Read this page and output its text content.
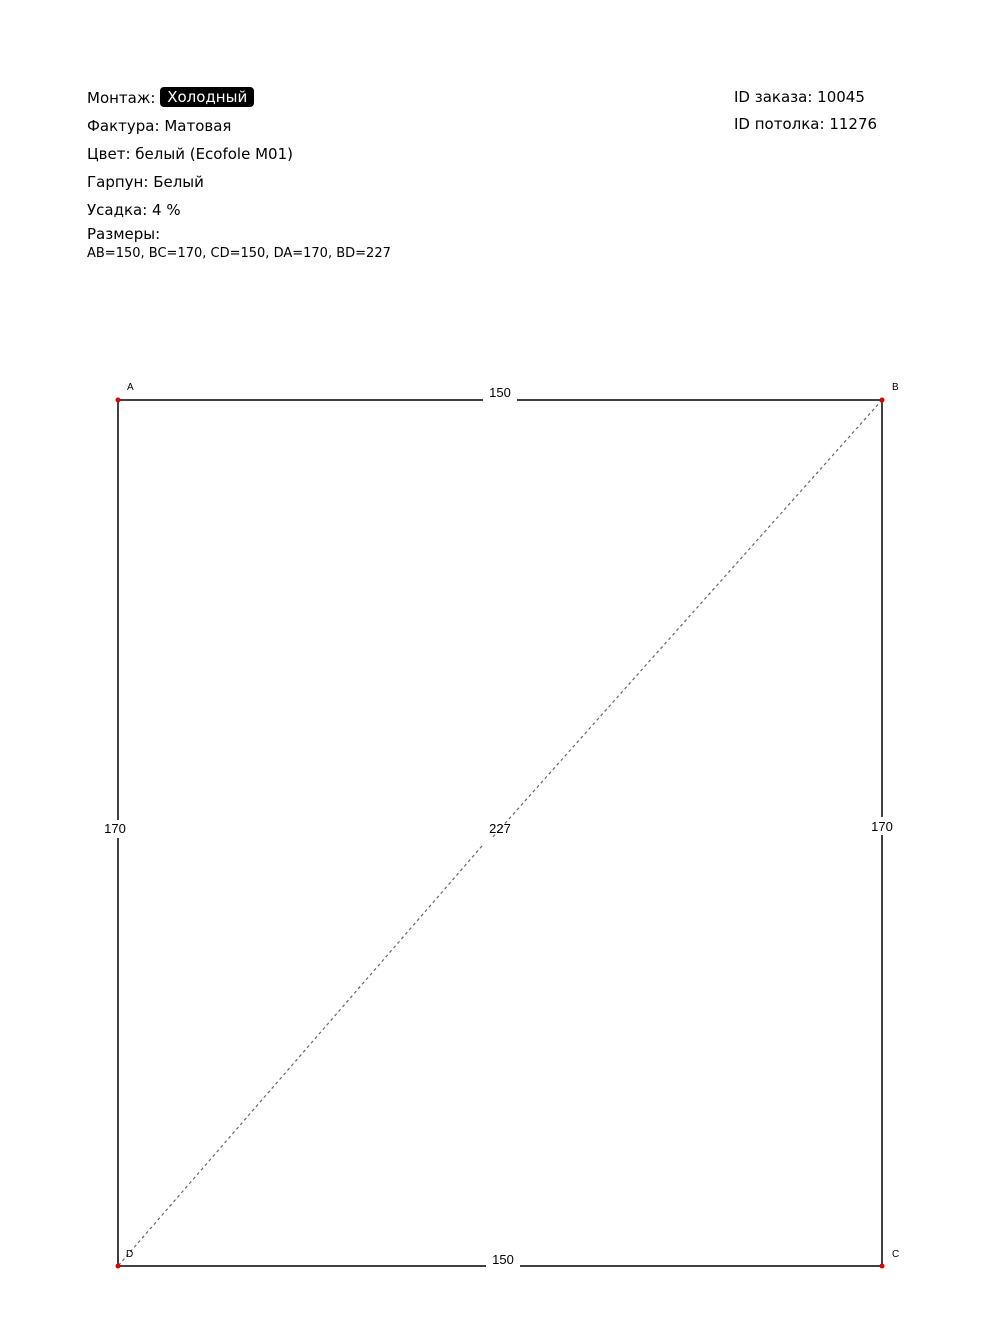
Монтаж: Холодный
Фактура: Матовая
Цвет: белый (Ecofole M01)
Гарпун: Белый
Усадка: 4 %
Размеры:
AB=150, BC=170, CD=150, DA=170, BD=227
ID заказа: 10045
ID потолка: 11276
150
170
150
170	227
A	B
C
D
